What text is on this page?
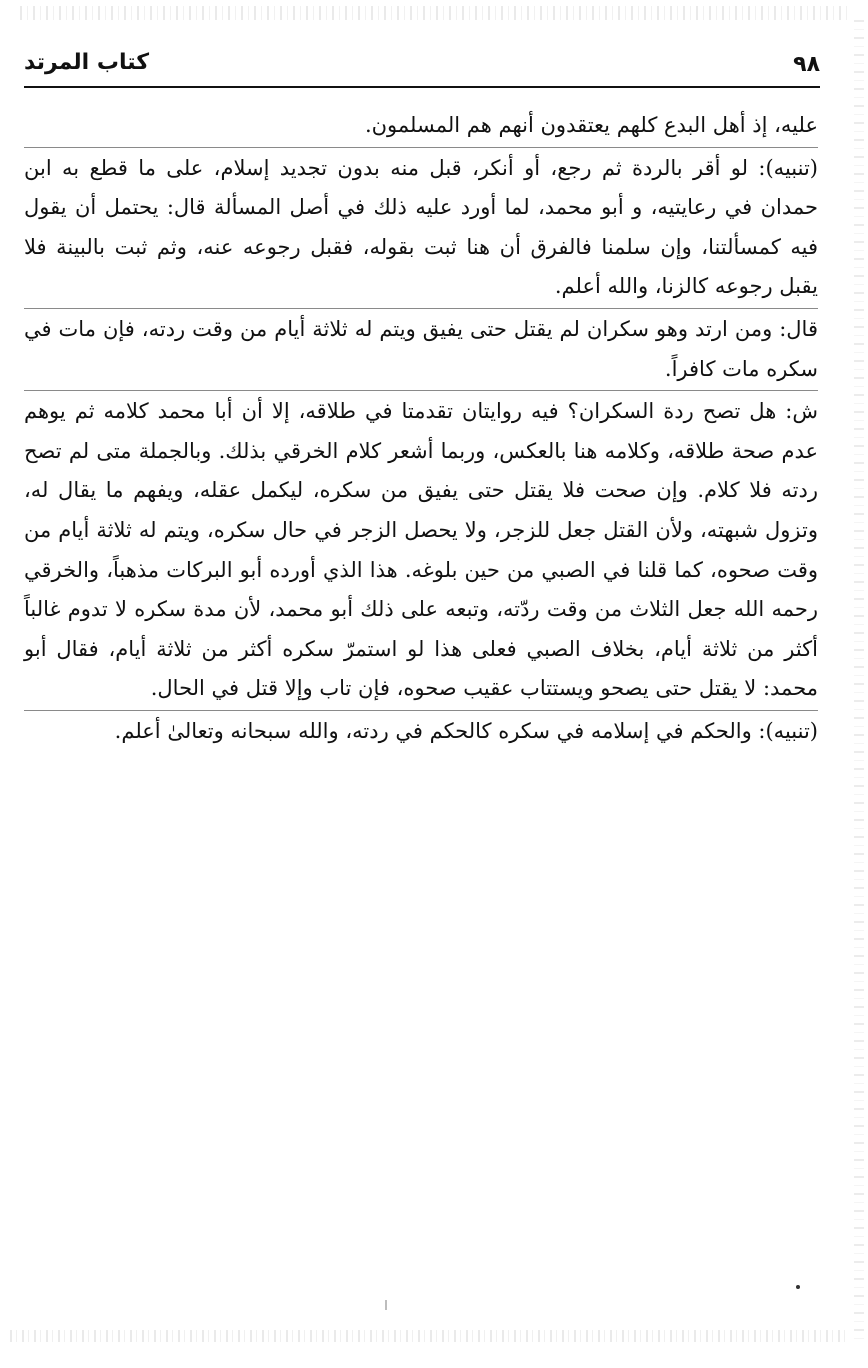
٩٨
كتاب المرتد

عليه، إذ أهل البدع كلهم يعتقدون أنهم هم المسلمون.

(تنبيه): لو أقر بالردة ثم رجع، أو أنكر، قبل منه بدون تجديد إسلام، على ما قطع به ابن حمدان في رعايتيه، و أبو محمد، لما أورد عليه ذلك في أصل المسألة قال: يحتمل أن يقول فيه كمسألتنا، وإن سلمنا فالفرق أن هنا ثبت بقوله، فقبل رجوعه عنه، وثم ثبت بالبينة فلا يقبل رجوعه كالزنا، والله أعلم.

قال: ومن ارتد وهو سكران لم يقتل حتى يفيق ويتم له ثلاثة أيام من وقت ردته، فإن مات في سكره مات كافراً.

ش: هل تصح ردة السكران؟ فيه روايتان تقدمتا في طلاقه، إلا أن أبا محمد كلامه ثم يوهم عدم صحة طلاقه، وكلامه هنا بالعكس، وربما أشعر كلام الخرقي بذلك. وبالجملة متى لم تصح ردته فلا كلام. وإن صحت فلا يقتل حتى يفيق من سكره، ليكمل عقله، ويفهم ما يقال له، وتزول شبهته، ولأن القتل جعل للزجر، ولا يحصل الزجر في حال سكره، ويتم له ثلاثة أيام من وقت صحوه، كما قلنا في الصبي من حين بلوغه. هذا الذي أورده أبو البركات مذهباً، والخرقي رحمه الله جعل الثلاث من وقت ردّته، وتبعه على ذلك أبو محمد، لأن مدة سكره لا تدوم غالباً أكثر من ثلاثة أيام، بخلاف الصبي فعلى هذا لو استمرّ سكره أكثر من ثلاثة أيام، فقال أبو محمد: لا يقتل حتى يصحو ويستتاب عقيب صحوه، فإن تاب وإلا قتل في الحال.

(تنبيه): والحكم في إسلامه في سكره كالحكم في ردته، والله سبحانه وتعالىٰ أعلم.
